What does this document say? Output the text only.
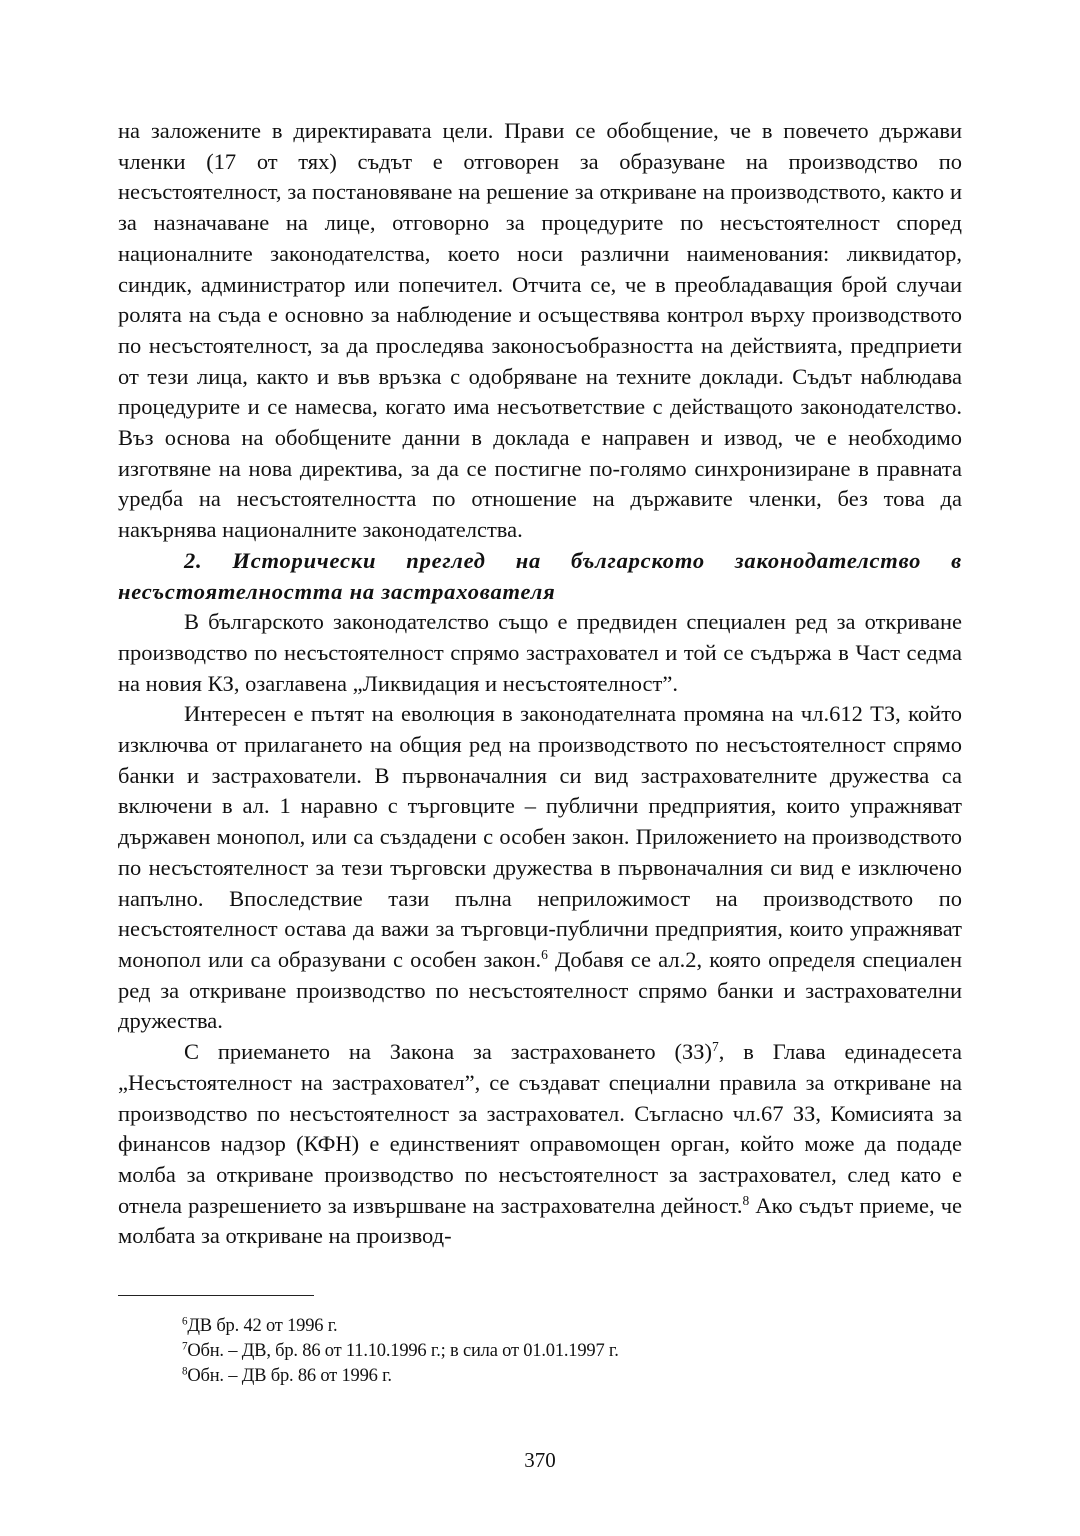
на заложените в директиравата цели. Прави се обобщение, че в повечето държави членки (17 от тях) съдът е отговорен за образуване на производство по несъстоятелност, за постановяване на решение за откриване на производството, както и за назначаване на лице, отговорно за процедурите по несъстоятелност според националните законодателства, което носи различни наименования: ликвидатор, синдик, администратор или попечител. Отчита се, че в преобладаващия брой случаи ролята на съда е основно за наблюдение и осъществява контрол върху производството по несъстоятелност, за да проследява законосъобразността на действията, предприети от тези лица, както и във връзка с одобряване на техните доклади. Съдът наблюдава процедурите и се намесва, когато има несъответствие с действащото законодателство. Въз основа на обобщените данни в доклада е направен и извод, че е необходимо изготвяне на нова директива, за да се постигне по-голямо синхронизиране в правната уредба на несъстоятелността по отношение на държавите членки, без това да накърнява националните законодателства.

2. Исторически преглед на българското законодателство в несъстоятелността на застрахователя

В българското законодателство също е предвиден специален ред за откриване производство по несъстоятелност спрямо застраховател и той се съдържа в Част седма на новия КЗ, озаглавена „Ликвидация и несъстоятелност”.

Интересен е пътят на еволюция в законодателната промяна на чл.612 ТЗ, който изключва от прилагането на общия ред на производството по несъстоятелност спрямо банки и застрахователи. В първоначалния си вид застрахователните дружества са включени в ал. 1 наравно с търговците – публични предприятия, които упражняват държавен монопол, или са създадени с особен закон. Приложението на производството по несъстоятелност за тези търговски дружества в първоначалния си вид е изключено напълно. Впоследствие тази пълна неприложимост на производството по несъстоятелност остава да важи за търговци-публични предприятия, които упражняват монопол или са образувани с особен закон.$^6$ Добавя се ал.2, която определя специален ред за откриване производство по несъстоятелност спрямо банки и застрахователни дружества.

С приемането на Закона за застраховането (ЗЗ)$^7$, в Глава единадесета „Несъстоятелност на застраховател”, се създават специални правила за откриване на производство по несъстоятелност за застраховател. Съгласно чл.67 ЗЗ, Комисията за финансов надзор (КФН) е единственият оправомощен орган, който може да подаде молба за откриване производство по несъстоятелност за застраховател, след като е отнела разрешението за извършване на застрахователна дейност.$^8$ Ако съдът приеме, че молбата за откриване на производ-

$^6$ДВ бр. 42 от 1996 г.

$^7$Обн. – ДВ, бр. 86 от 11.10.1996 г.; в сила от 01.01.1997 г.

$^8$Обн. – ДВ бр. 86 от 1996 г.

370
